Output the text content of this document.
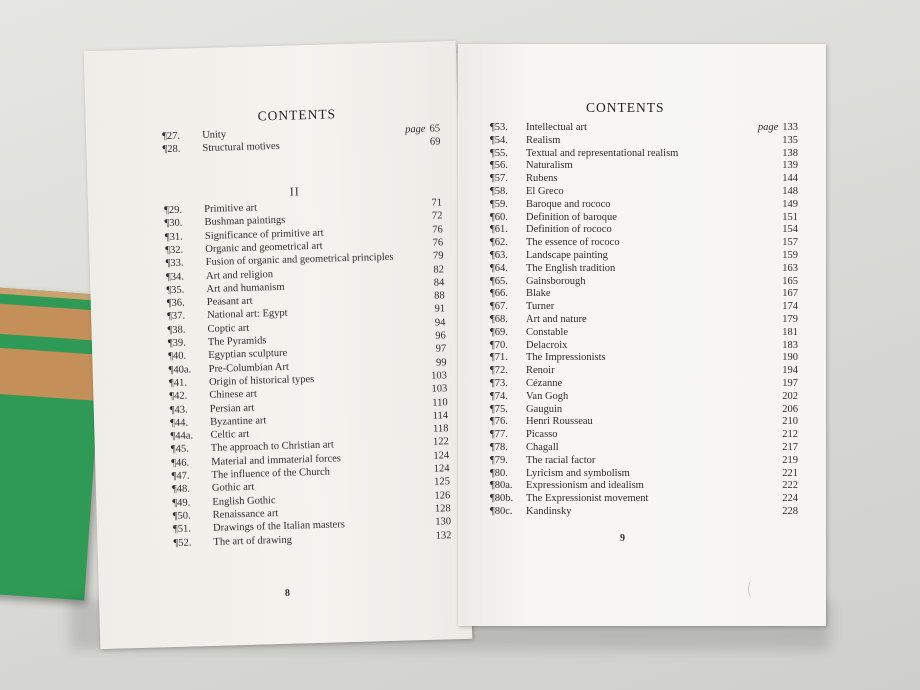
CONTENTS
¶27. Unity	page 65
¶28. Structural motives	69
II
¶29. Primitive art	71
¶30. Bushman paintings	72
¶31. Significance of primitive art	76
¶32. Organic and geometrical art	76
¶33. Fusion of organic and geometrical principles	79
¶34. Art and religion	82
¶35. Art and humanism	84
¶36. Peasant art	88
¶37. National art: Egypt	91
¶38. Coptic art	94
¶39. The Pyramids	96
¶40. Egyptian sculpture	97
¶40a. Pre-Columbian Art	99
¶41. Origin of historical types	103
¶42. Chinese art	103
¶43. Persian art	110
¶44. Byzantine art	114
¶44a. Celtic art	118
¶45. The approach to Christian art	122
¶46. Material and immaterial forces	124
¶47. The influence of the Church	124
¶48. Gothic art	125
¶49. English Gothic	126
¶50. Renaissance art	128
¶51. Drawings of the Italian masters	130
¶52. The art of drawing	132
8
CONTENTS
¶53. Intellectual art	page 133
¶54. Realism	135
¶55. Textual and representational realism	138
¶56. Naturalism	139
¶57. Rubens	144
¶58. El Greco	148
¶59. Baroque and rococo	149
¶60. Definition of baroque	151
¶61. Definition of rococo	154
¶62. The essence of rococo	157
¶63. Landscape painting	159
¶64. The English tradition	163
¶65. Gainsborough	165
¶66. Blake	167
¶67. Turner	174
¶68. Art and nature	179
¶69. Constable	181
¶70. Delacroix	183
¶71. The Impressionists	190
¶72. Renoir	194
¶73. Cézanne	197
¶74. Van Gogh	202
¶75. Gauguin	206
¶76. Henri Rousseau	210
¶77. Picasso	212
¶78. Chagall	217
¶79. The racial factor	219
¶80. Lyricism and symbolism	221
¶80a. Expressionism and idealism	222
¶80b. The Expressionist movement	224
¶80c. Kandinsky	228
9
